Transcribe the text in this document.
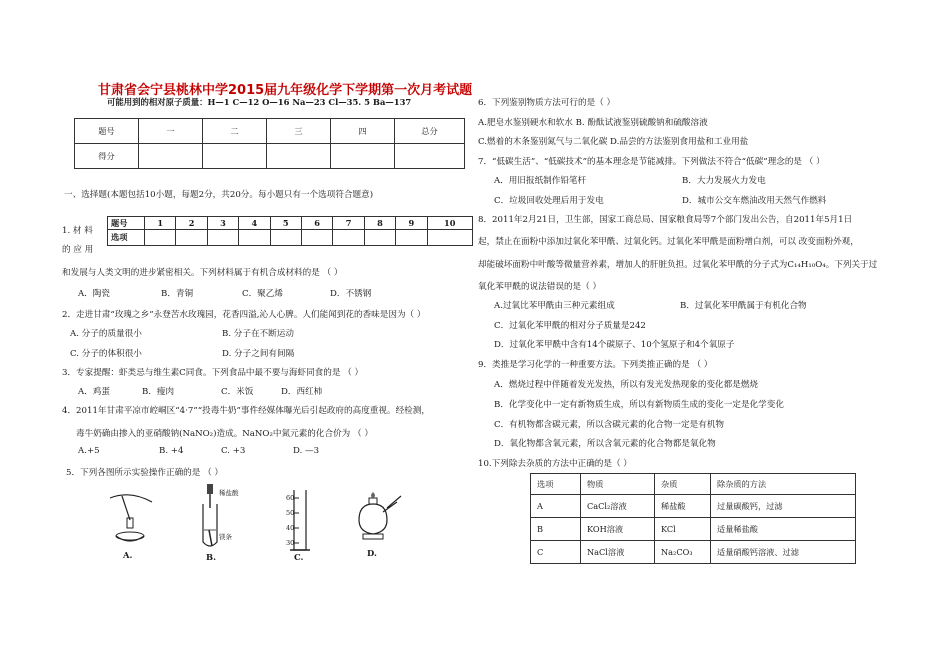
甘肃省会宁县桃林中学2015届九年级化学下学期第一次月考试题
可能用到的相对原子质量：H—1 C—12 O—16 Na—23 Cl—35. 5 Ba—137
题号	一	二	三	四	总分
得分					
一、选择题(本题包括10小题，每题2分，共20分。每小题只有一个选项符合题意)
1. 材 料
的 应 用
题号	1	2	3	4	5	6	7	8	9	10
选项										
和发展与人类文明的进步紧密相关。下列材料属于有机合成材料的是 （ ）
A．陶瓷	B．青铜	C．聚乙烯	D．不锈钢
2．走进甘肃“玫瑰之乡”永登苦水玫瑰园，花香四溢,沁人心脾。人们能闻到花的香味是因为（ ）
A. 分子的质量很小	B. 分子在不断运动
C. 分子的体积很小	D. 分子之间有间隔
3．专家提醒：虾类忌与维生素C同食。下列食品中最不要与海虾同食的是 （ ）
A．鸡蛋	B．瘦肉	C．米饭	D．西红柿
4．2011年甘肃平凉市崆峒区“4·7”“投毒牛奶”事件经媒体曝光后引起政府的高度重视。经检测，
毒牛奶确由掺入的亚硝酸钠(NaNO₂)造成。NaNO₂中氮元素的化合价为 （ ）
A.+5	B. +4	C. +3	D. —3
5．下列各图所示实验操作正确的是 （ ）
A.
稀盐酸
镁条
B.
60
50
40
30
C.	D.
6．下列鉴别物质方法可行的是（ ）
A.肥皂水鉴别硬水和软水 B. 酚酞试液鉴别硫酸钠和硫酸溶液
C.燃着的木条鉴别氮气与二氧化碳 D.品尝的方法鉴别食用盐和工业用盐
7．“低碳生活”、“低碳技术”的基本理念是节能减排。下列做法不符合“低碳”理念的是 （ ）
A．用旧报纸制作铅笔杆	B．大力发展火力发电
C．垃圾回收处理后用于发电	D．城市公交车燃油改用天然气作燃料
8．2011年2月21日，卫生部，国家工商总局、国家粮食局等7个部门发出公告，自2011年5月1日
起，禁止在面粉中添加过氧化苯甲酰、过氧化钙。过氧化苯甲酰是面粉增白剂，可以 改变面粉外观，
却能破坏面粉中叶酸等微量营养素，增加人的肝脏负担。过氧化苯甲酰的分子式为C₁₄H₁₀O₄。下列关于过
氧化苯甲酰的说法错误的是（ ）
A.过氧比苯甲酰由三种元素组成	B．过氧化苯甲酰属于有机化合物
C．过氧化苯甲酰的相对分子质量是242
D．过氧化苯甲酰中含有14个碳原子、10个氢原子和4个氧原子
9．类推是学习化学的一种重要方法。下列类推正确的是 （ ）
A．燃烧过程中伴随着发光发热，所以有发光发热现象的变化都是燃烧
B．化学变化中一定有新物质生成，所以有新物质生成的变化一定是化学变化
C．有机物都含碳元素，所以含碳元素的化合物一定是有机物
D．氧化物都含氧元素，所以含氧元素的化合物都是氧化物
10.下列除去杂质的方法中正确的是（ ）
选项	物质	杂质	除杂质的方法
A	CaCl₂溶液	稀盐酸	过量碳酸钙，过滤
B	KOH溶液	KCl	适量稀盐酸
C	NaCl溶液	Na₂CO₃	适量硝酸钙溶液、过滤
